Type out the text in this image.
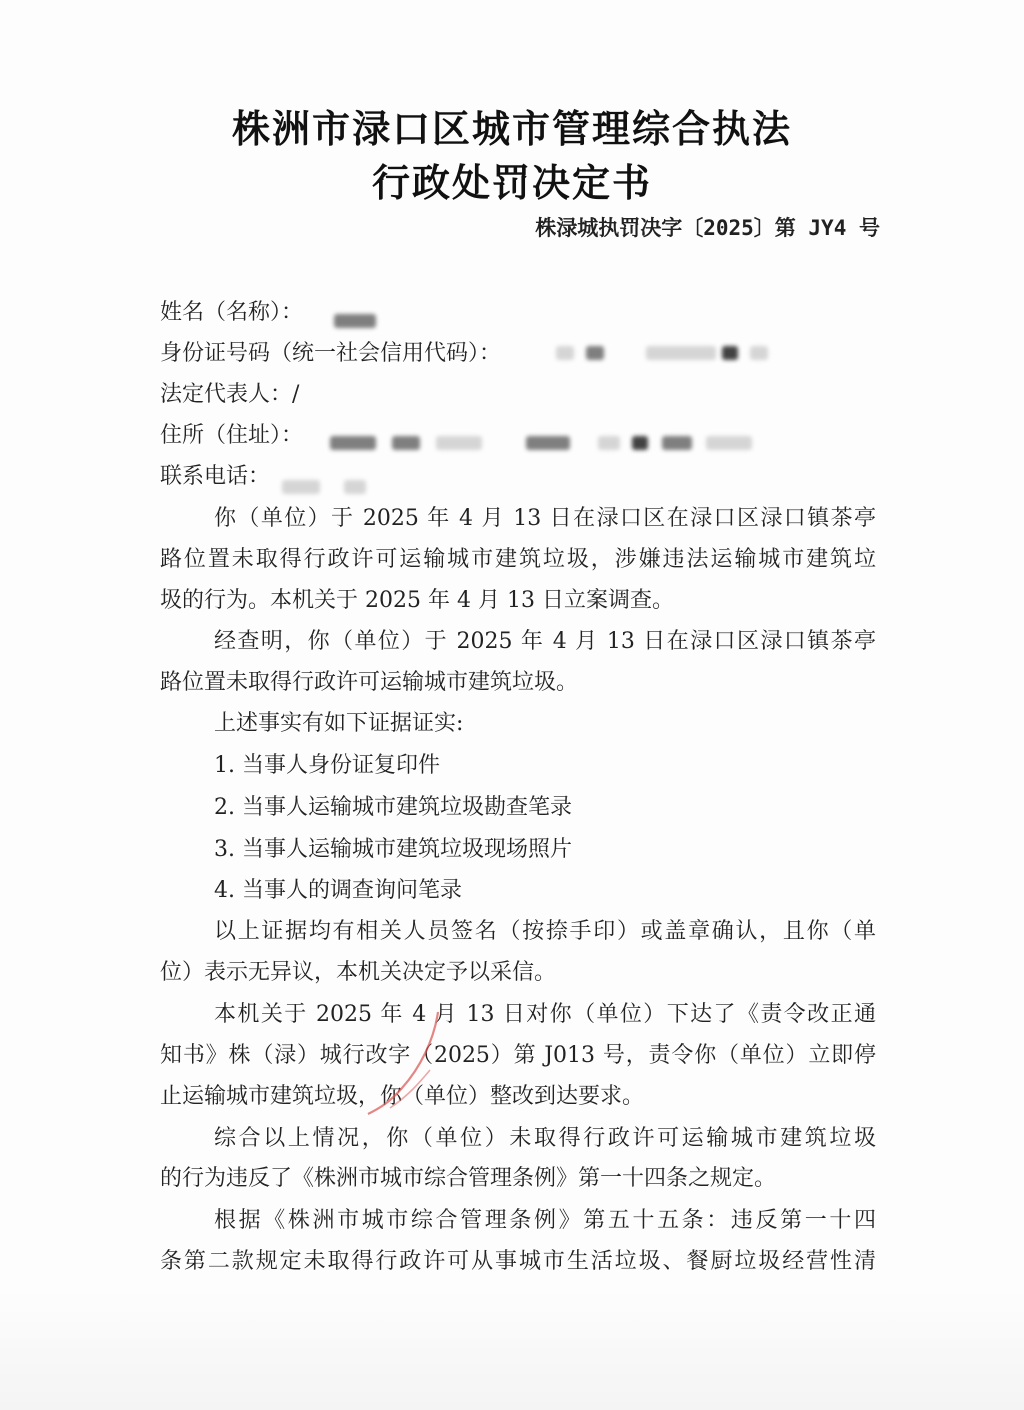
株洲市渌口区城市管理综合执法
行政处罚决定书
株渌城执罚决字〔2025〕第 JY4 号
姓名（名称）：
身份证号码（统一社会信用代码）：
法定代表人：/
住所（住址）：
联系电话：
你（单位）于 2025 年 4 月 13 日在渌口区在渌口区渌口镇茶亭
路位置未取得行政许可运输城市建筑垃圾，涉嫌违法运输城市建筑垃
圾的行为。本机关于 2025 年 4 月 13 日立案调查。
经查明，你（单位）于 2025 年 4 月 13 日在渌口区渌口镇茶亭
路位置未取得行政许可运输城市建筑垃圾。
上述事实有如下证据证实:
1. 当事人身份证复印件
2. 当事人运输城市建筑垃圾勘查笔录
3. 当事人运输城市建筑垃圾现场照片
4. 当事人的调查询问笔录
以上证据均有相关人员签名（按捺手印）或盖章确认，且你（单
位）表示无异议，本机关决定予以采信。
本机关于 2025 年 4 月 13 日对你（单位）下达了《责令改正通
知书》株（渌）城行改字（2025）第 J013 号，责令你（单位）立即停
止运输城市建筑垃圾，你（单位）整改到达要求。
综合以上情况，你（单位）未取得行政许可运输城市建筑垃圾
的行为违反了《株洲市城市综合管理条例》第一十四条之规定。
根据《株洲市城市综合管理条例》第五十五条：违反第一十四
条第二款规定未取得行政许可从事城市生活垃圾、餐厨垃圾经营性清
